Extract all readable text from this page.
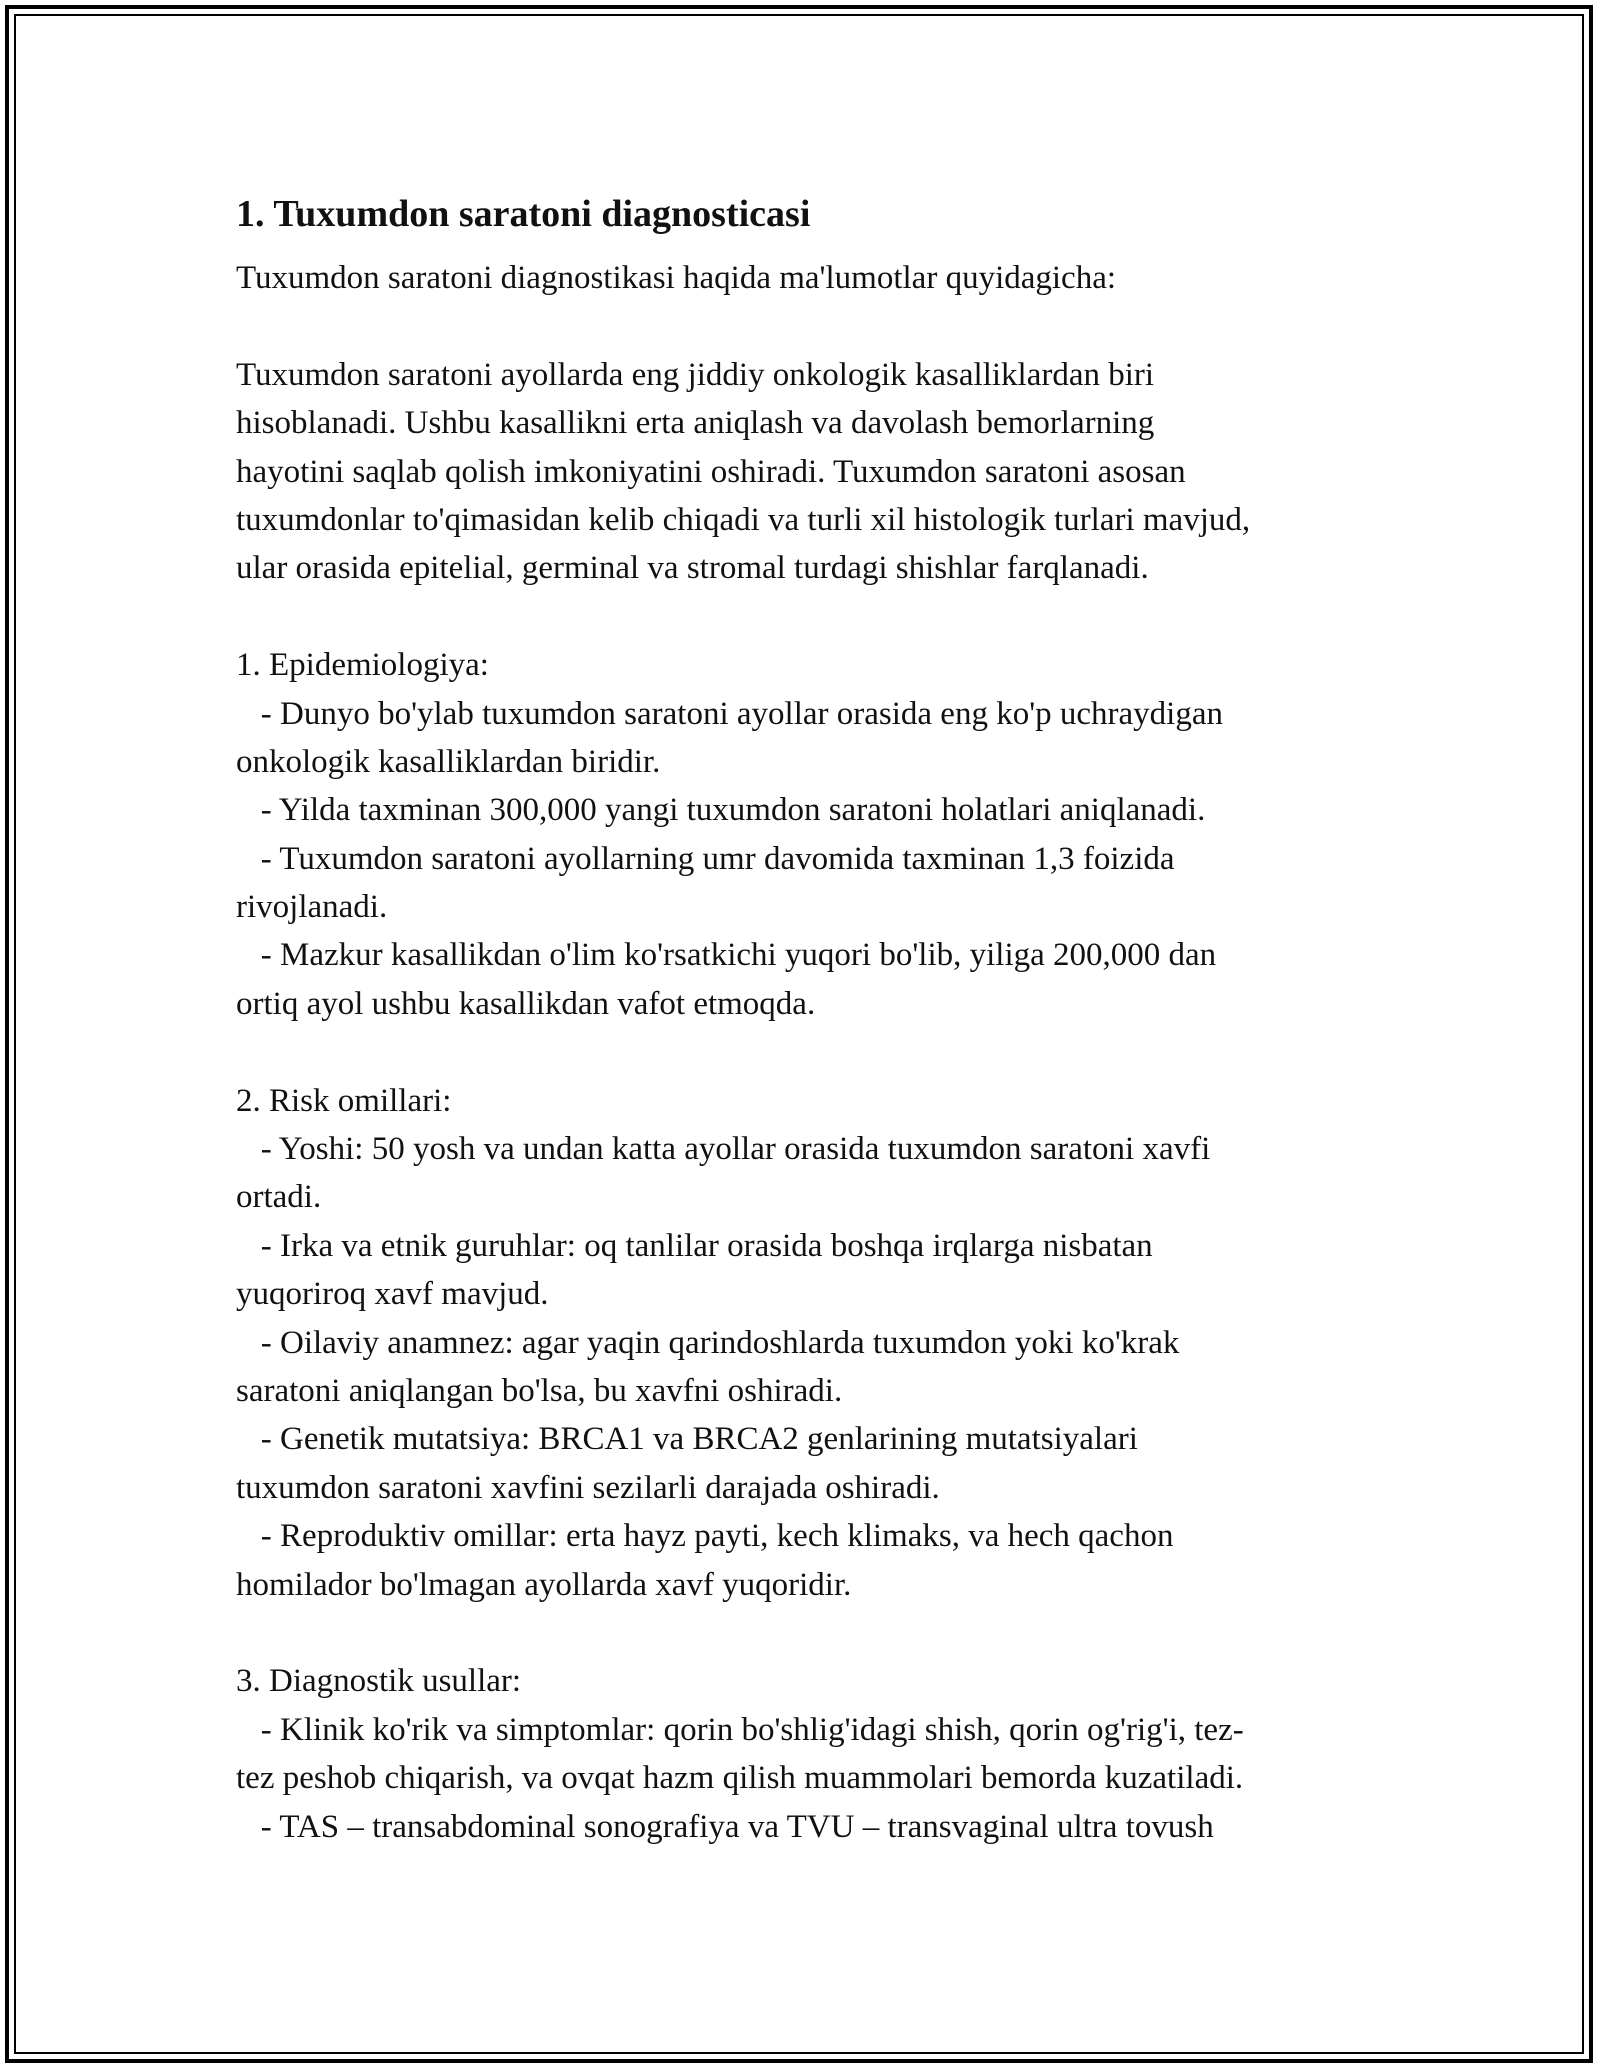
1. Tuxumdon saratoni diagnosticasi

Tuxumdon saratoni diagnostikasi haqida ma'lumotlar quyidagicha:

Tuxumdon saratoni ayollarda eng jiddiy onkologik kasalliklardan biri

hisoblanadi. Ushbu kasallikni erta aniqlash va davolash bemorlarning

hayotini saqlab qolish imkoniyatini oshiradi. Tuxumdon saratoni asosan

tuxumdonlar to'qimasidan kelib chiqadi va turli xil histologik turlari mavjud,

ular orasida epitelial, germinal va stromal turdagi shishlar farqlanadi.

1. Epidemiologiya:

- Dunyo bo'ylab tuxumdon saratoni ayollar orasida eng ko'p uchraydigan

onkologik kasalliklardan biridir.

- Yilda taxminan 300,000 yangi tuxumdon saratoni holatlari aniqlanadi.

- Tuxumdon saratoni ayollarning umr davomida taxminan 1,3 foizida

rivojlanadi.

- Mazkur kasallikdan o'lim ko'rsatkichi yuqori bo'lib, yiliga 200,000 dan

ortiq ayol ushbu kasallikdan vafot etmoqda.

2. Risk omillari:

- Yoshi: 50 yosh va undan katta ayollar orasida tuxumdon saratoni xavfi

ortadi.

- Irka va etnik guruhlar: oq tanlilar orasida boshqa irqlarga nisbatan

yuqoriroq xavf mavjud.

- Oilaviy anamnez: agar yaqin qarindoshlarda tuxumdon yoki ko'krak

saratoni aniqlangan bo'lsa, bu xavfni oshiradi.

- Genetik mutatsiya: BRCA1 va BRCA2 genlarining mutatsiyalari

tuxumdon saratoni xavfini sezilarli darajada oshiradi.

- Reproduktiv omillar: erta hayz payti, kech klimaks, va hech qachon

homilador bo'lmagan ayollarda xavf yuqoridir.

3. Diagnostik usullar:

- Klinik ko'rik va simptomlar: qorin bo'shlig'idagi shish, qorin og'rig'i, tez-

tez peshob chiqarish, va ovqat hazm qilish muammolari bemorda kuzatiladi.

- TAS – transabdominal sonografiya va TVU – transvaginal ultra tovush
